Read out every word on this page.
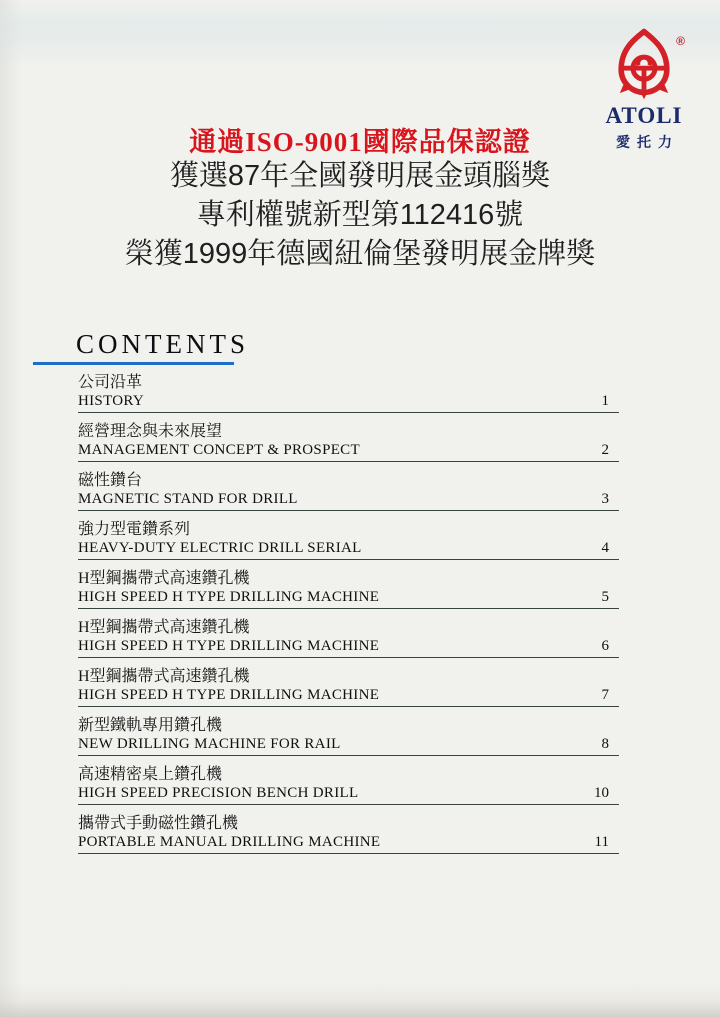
®
ATOLI
愛托力
通過ISO-9001國際品保認證
獲選87年全國發明展金頭腦獎
專利權號新型第112416號
榮獲1999年德國紐倫堡發明展金牌獎
CONTENTS
公司沿革
HISTORY	1
經營理念與未來展望
MANAGEMENT CONCEPT & PROSPECT	2
磁性鑽台
MAGNETIC STAND FOR DRILL	3
強力型電鑽系列
HEAVY-DUTY ELECTRIC DRILL SERIAL	4
H型鋼攜帶式高速鑽孔機
HIGH SPEED H TYPE DRILLING MACHINE	5
H型鋼攜帶式高速鑽孔機
HIGH SPEED H TYPE DRILLING MACHINE	6
H型鋼攜帶式高速鑽孔機
HIGH SPEED H TYPE DRILLING MACHINE	7
新型鐵軌專用鑽孔機
NEW DRILLING MACHINE FOR RAIL	8
高速精密桌上鑽孔機
HIGH SPEED PRECISION BENCH DRILL	10
攜帶式手動磁性鑽孔機
PORTABLE MANUAL DRILLING MACHINE	11
